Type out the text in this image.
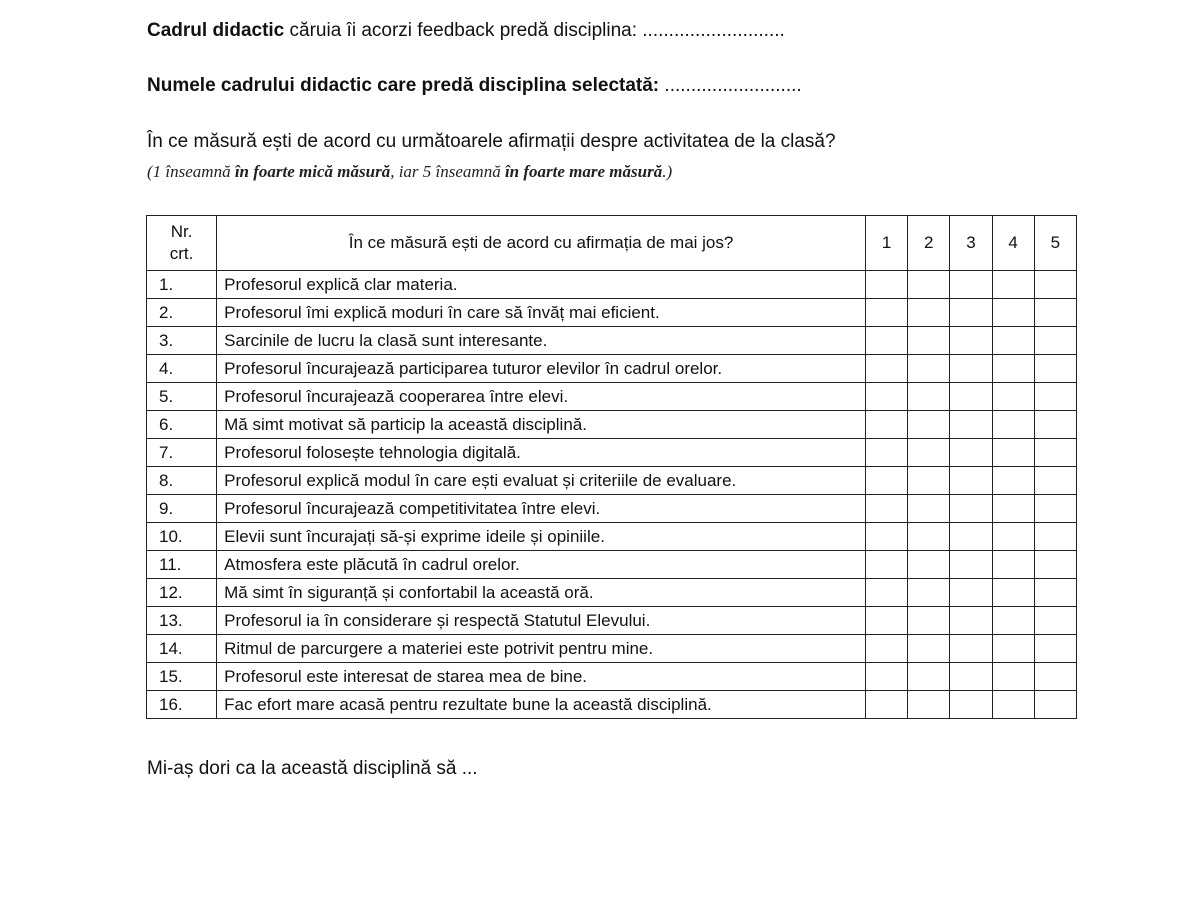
Cadrul didactic căruia îi acorzi feedback predă disciplina: ...........................
Numele cadrului didactic care predă disciplina selectată: ..........................
În ce măsură ești de acord cu următoarele afirmații despre activitatea de la clasă?
(1 înseamnă în foarte mică măsură, iar 5 înseamnă în foarte mare măsură.)
Nr.
crt.	În ce măsură ești de acord cu afirmația de mai jos?	1	2	3	4	5
1.	Profesorul explică clar materia.					
2.	Profesorul îmi explică moduri în care să învăț mai eficient.					
3.	Sarcinile de lucru la clasă sunt interesante.					
4.	Profesorul încurajează participarea tuturor elevilor în cadrul orelor.					
5.	Profesorul încurajează cooperarea între elevi.					
6.	Mă simt motivat să particip la această disciplină.					
7.	Profesorul folosește tehnologia digitală.					
8.	Profesorul explică modul în care ești evaluat și criteriile de evaluare.					
9.	Profesorul încurajează competitivitatea între elevi.					
10.	Elevii sunt încurajați să-și exprime ideile și opiniile.					
11.	Atmosfera este plăcută în cadrul orelor.					
12.	Mă simt în siguranță și confortabil la această oră.					
13.	Profesorul ia în considerare și respectă Statutul Elevului.					
14.	Ritmul de parcurgere a materiei este potrivit pentru mine.					
15.	Profesorul este interesat de starea mea de bine.					
16.	Fac efort mare acasă pentru rezultate bune la această disciplină.					
Mi-aș dori ca la această disciplină să ...
